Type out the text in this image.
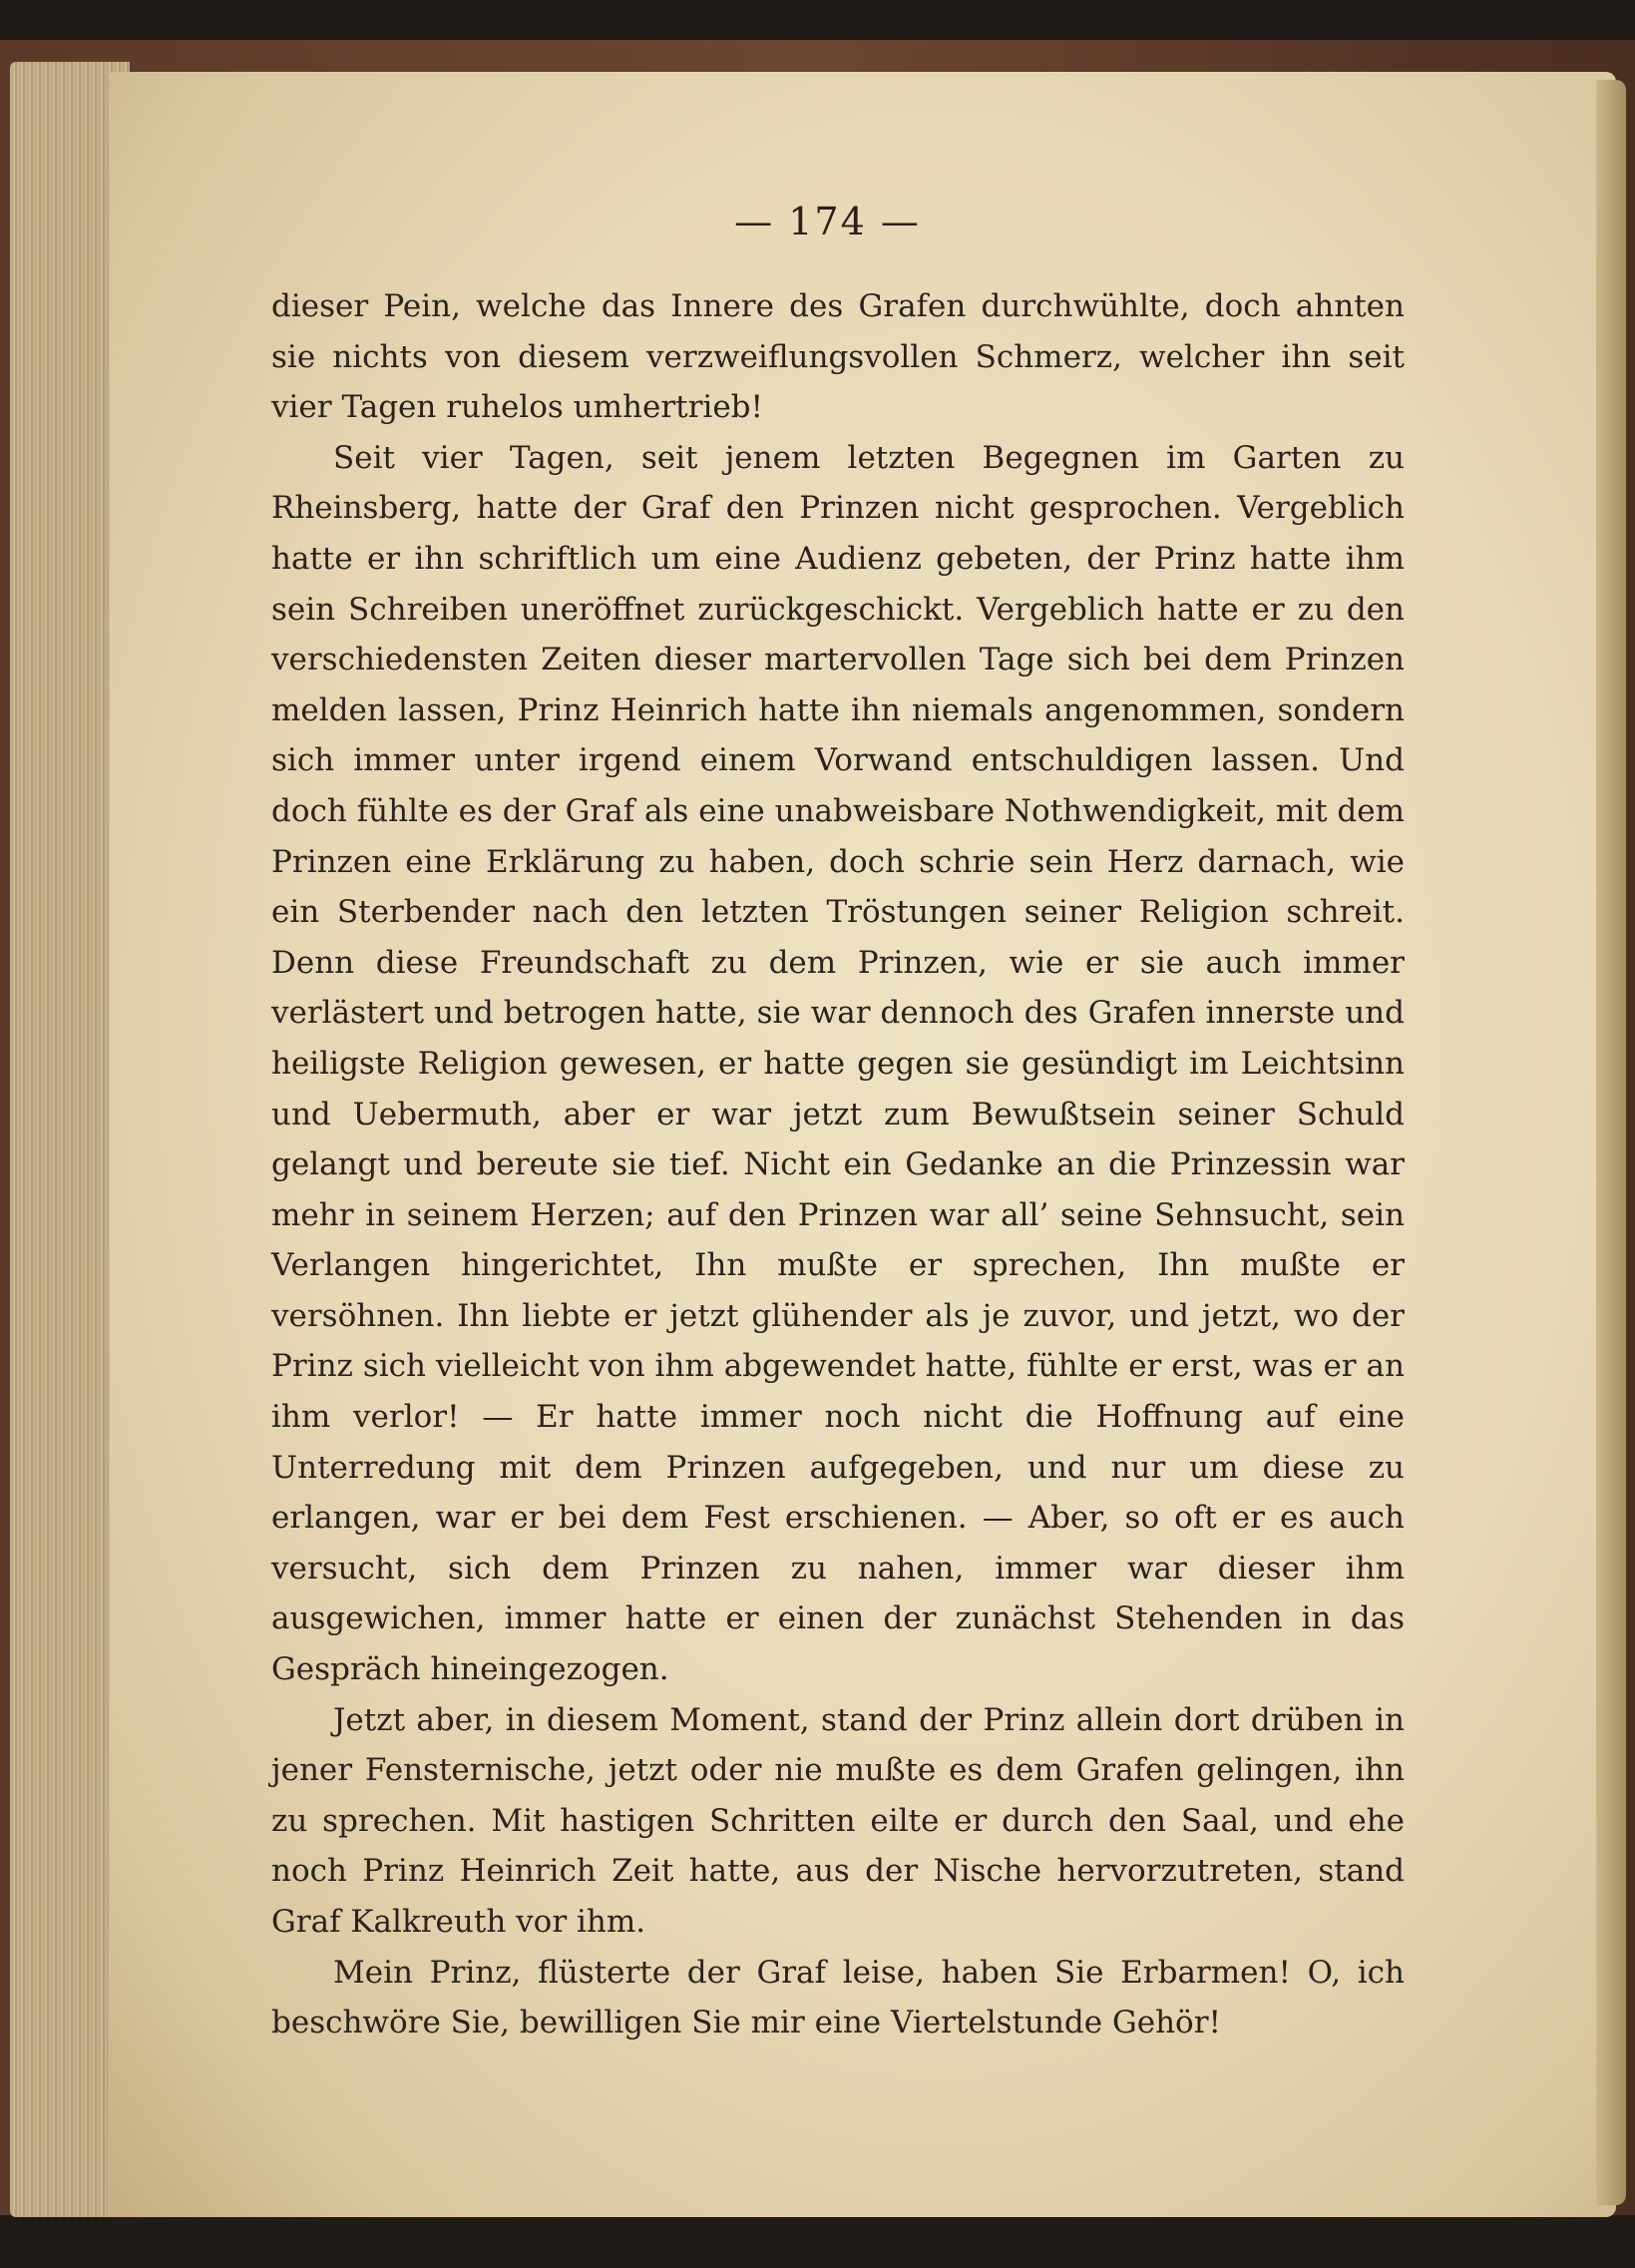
— 174 —

dieser Pein, welche das Innere des Grafen durchwühlte, doch ahnten sie nichts von diesem verzweiflungsvollen Schmerz, welcher ihn seit vier Tagen ruhelos umhertrieb!

Seit vier Tagen, seit jenem letzten Begegnen im Garten zu Rheinsberg, hatte der Graf den Prinzen nicht gesprochen. Vergeblich hatte er ihn schriftlich um eine Audienz gebeten, der Prinz hatte ihm sein Schreiben uneröffnet zurückgeschickt. Vergeblich hatte er zu den verschiedensten Zeiten dieser martervollen Tage sich bei dem Prinzen melden lassen, Prinz Heinrich hatte ihn niemals angenommen, sondern sich immer unter irgend einem Vorwand entschuldigen lassen. Und doch fühlte es der Graf als eine unabweisbare Nothwendigkeit, mit dem Prinzen eine Erklärung zu haben, doch schrie sein Herz darnach, wie ein Sterbender nach den letzten Tröstungen seiner Religion schreit. Denn diese Freundschaft zu dem Prinzen, wie er sie auch immer verlästert und betrogen hatte, sie war dennoch des Grafen innerste und heiligste Religion gewesen, er hatte gegen sie gesündigt im Leichtsinn und Uebermuth, aber er war jetzt zum Bewußtsein seiner Schuld gelangt und bereute sie tief. Nicht ein Gedanke an die Prinzessin war mehr in seinem Herzen; auf den Prinzen war all’ seine Sehnsucht, sein Verlangen hingerichtet, Ihn mußte er sprechen, Ihn mußte er versöhnen. Ihn liebte er jetzt glühender als je zuvor, und jetzt, wo der Prinz sich vielleicht von ihm abgewendet hatte, fühlte er erst, was er an ihm verlor! — Er hatte immer noch nicht die Hoffnung auf eine Unterredung mit dem Prinzen aufgegeben, und nur um diese zu erlangen, war er bei dem Fest erschienen. — Aber, so oft er es auch versucht, sich dem Prinzen zu nahen, immer war dieser ihm ausgewichen, immer hatte er einen der zunächst Stehenden in das Gespräch hineingezogen.

Jetzt aber, in diesem Moment, stand der Prinz allein dort drüben in jener Fensternische, jetzt oder nie mußte es dem Grafen gelingen, ihn zu sprechen. Mit hastigen Schritten eilte er durch den Saal, und ehe noch Prinz Heinrich Zeit hatte, aus der Nische hervorzutreten, stand Graf Kalkreuth vor ihm.

Mein Prinz, flüsterte der Graf leise, haben Sie Erbarmen! O, ich beschwöre Sie, bewilligen Sie mir eine Viertelstunde Gehör!
